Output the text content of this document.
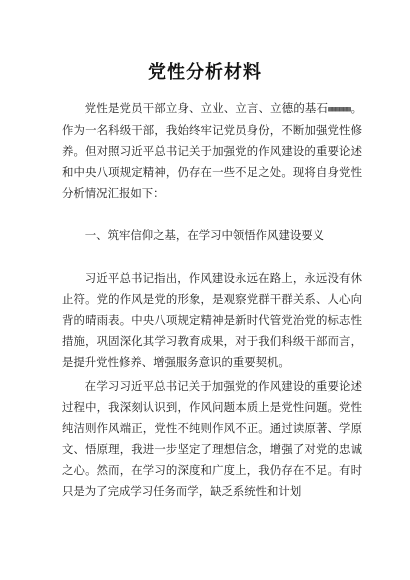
党性分析材料

党性是党员干部立身、立业、立言、立德的基石▩▩▩▩▩▩。作为一名科级干部，我始终牢记党员身份，不断加强党性修养。但对照习近平总书记关于加强党的作风建设的重要论述和中央八项规定精神，仍存在一些不足之处。现将自身党性分析情况汇报如下：

一、筑牢信仰之基，在学习中领悟作风建设要义

习近平总书记指出，作风建设永远在路上，永远没有休止符。党的作风是党的形象，是观察党群干群关系、人心向背的晴雨表。中央八项规定精神是新时代管党治党的标志性措施，巩固深化其学习教育成果，对于我们科级干部而言，是提升党性修养、增强服务意识的重要契机。

在学习习近平总书记关于加强党的作风建设的重要论述过程中，我深刻认识到，作风问题本质上是党性问题。党性纯洁则作风端正，党性不纯则作风不正。通过读原著、学原文、悟原理，我进一步坚定了理想信念，增强了对党的忠诚之心。然而，在学习的深度和广度上，我仍存在不足。有时只是为了完成学习任务而学，缺乏系统性和计划
